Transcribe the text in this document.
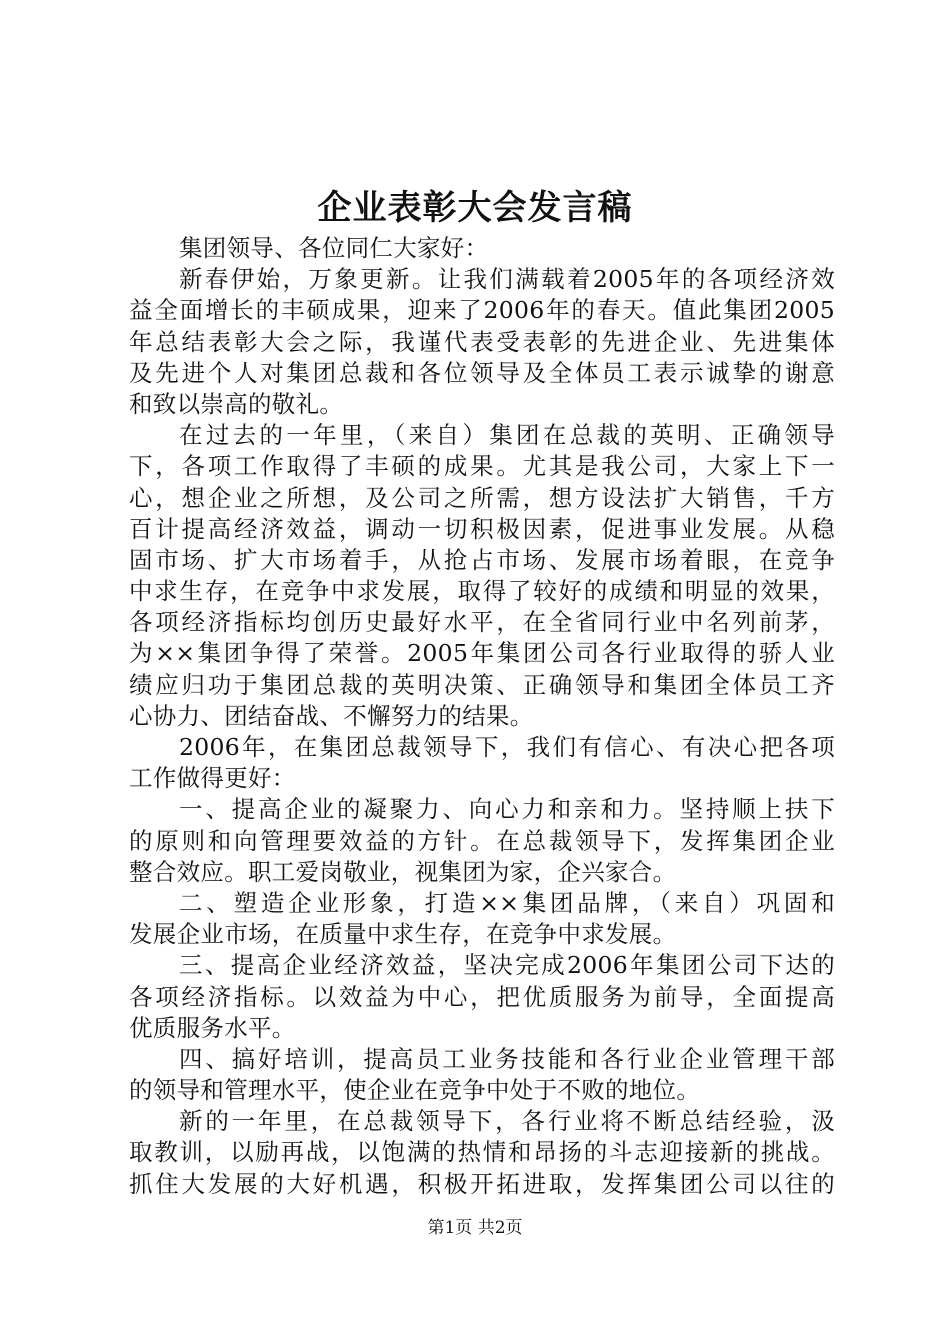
企业表彰大会发言稿
集团领导、各位同仁大家好：
新春伊始，万象更新。让我们满载着2005年的各项经济效
益全面增长的丰硕成果，迎来了2006年的春天。值此集团2005
年总结表彰大会之际，我谨代表受表彰的先进企业、先进集体
及先进个人对集团总裁和各位领导及全体员工表示诚挚的谢意
和致以崇高的敬礼。
在过去的一年里，（来自）集团在总裁的英明、正确领导
下，各项工作取得了丰硕的成果。尤其是我公司，大家上下一
心，想企业之所想，及公司之所需，想方设法扩大销售，千方
百计提高经济效益，调动一切积极因素，促进事业发展。从稳
固市场、扩大市场着手，从抢占市场、发展市场着眼，在竞争
中求生存，在竞争中求发展，取得了较好的成绩和明显的效果，
各项经济指标均创历史最好水平，在全省同行业中名列前茅，
为××集团争得了荣誉。2005年集团公司各行业取得的骄人业
绩应归功于集团总裁的英明决策、正确领导和集团全体员工齐
心协力、团结奋战、不懈努力的结果。
2006年，在集团总裁领导下，我们有信心、有决心把各项
工作做得更好：
一、提高企业的凝聚力、向心力和亲和力。坚持顺上扶下
的原则和向管理要效益的方针。在总裁领导下，发挥集团企业
整合效应。职工爱岗敬业，视集团为家，企兴家合。
二、塑造企业形象，打造××集团品牌，（来自）巩固和
发展企业市场，在质量中求生存，在竞争中求发展。
三、提高企业经济效益，坚决完成2006年集团公司下达的
各项经济指标。以效益为中心，把优质服务为前导，全面提高
优质服务水平。
四、搞好培训，提高员工业务技能和各行业企业管理干部
的领导和管理水平，使企业在竞争中处于不败的地位。
新的一年里，在总裁领导下，各行业将不断总结经验，汲
取教训，以励再战，以饱满的热情和昂扬的斗志迎接新的挑战。
抓住大发展的大好机遇，积极开拓进取，发挥集团公司以往的
第1页 共2页
